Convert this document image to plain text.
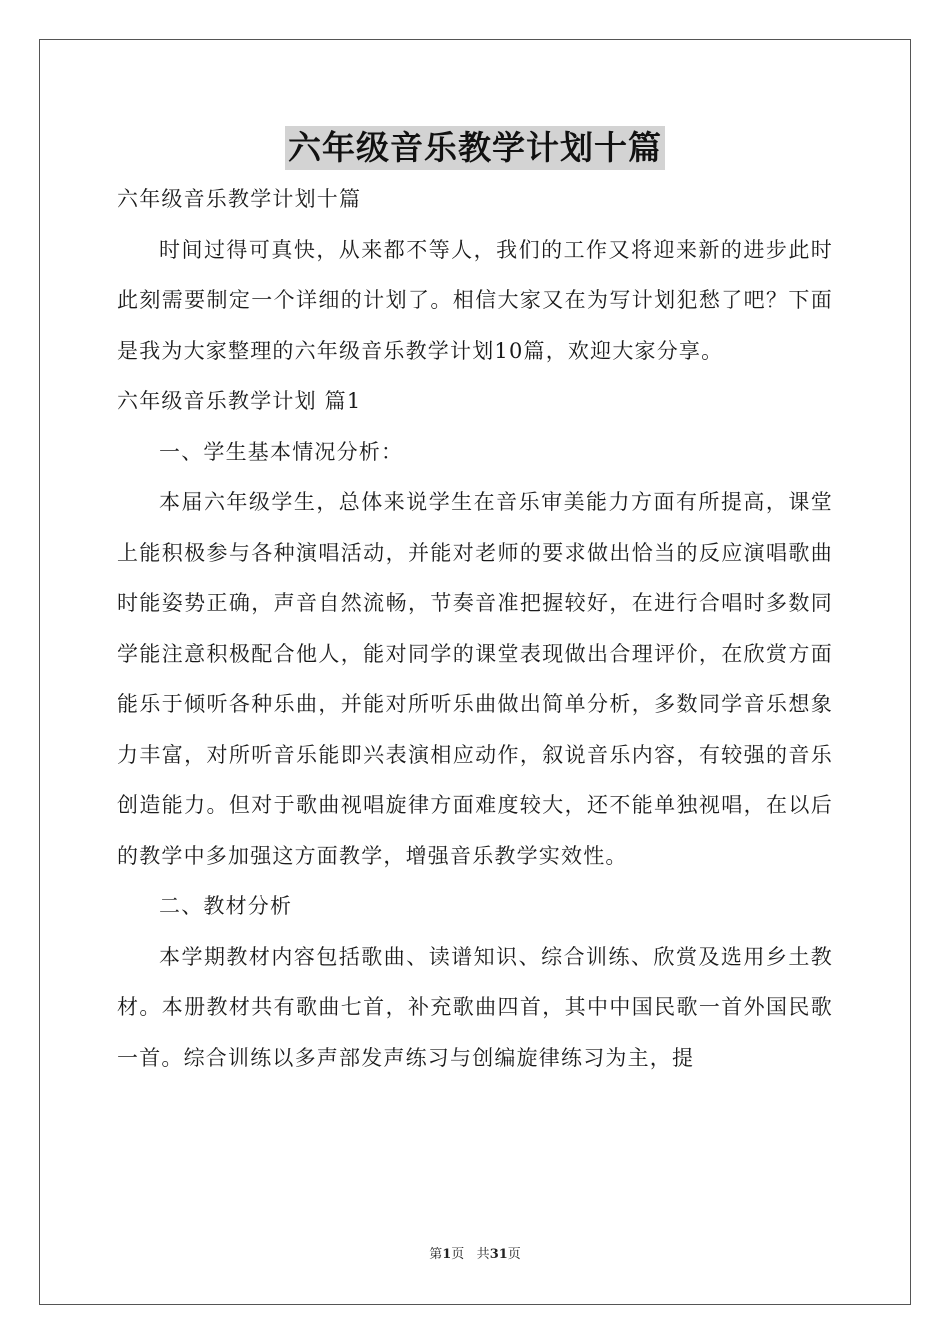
六年级音乐教学计划十篇

六年级音乐教学计划十篇

时间过得可真快，从来都不等人，我们的工作又将迎来新的进步此时此刻需要制定一个详细的计划了。相信大家又在为写计划犯愁了吧？下面是我为大家整理的六年级音乐教学计划10篇，欢迎大家分享。

六年级音乐教学计划 篇1

一、学生基本情况分析：

本届六年级学生，总体来说学生在音乐审美能力方面有所提高，课堂上能积极参与各种演唱活动，并能对老师的要求做出恰当的反应演唱歌曲时能姿势正确，声音自然流畅，节奏音准把握较好，在进行合唱时多数同学能注意积极配合他人，能对同学的课堂表现做出合理评价，在欣赏方面能乐于倾听各种乐曲，并能对所听乐曲做出简单分析，多数同学音乐想象力丰富，对所听音乐能即兴表演相应动作，叙说音乐内容，有较强的音乐创造能力。但对于歌曲视唱旋律方面难度较大，还不能单独视唱，在以后的教学中多加强这方面教学，增强音乐教学实效性。

二、教材分析

本学期教材内容包括歌曲、读谱知识、综合训练、欣赏及选用乡土教材。本册教材共有歌曲七首，补充歌曲四首，其中中国民歌一首外国民歌一首。综合训练以多声部发声练习与创编旋律练习为主，提

第1页 共31页
